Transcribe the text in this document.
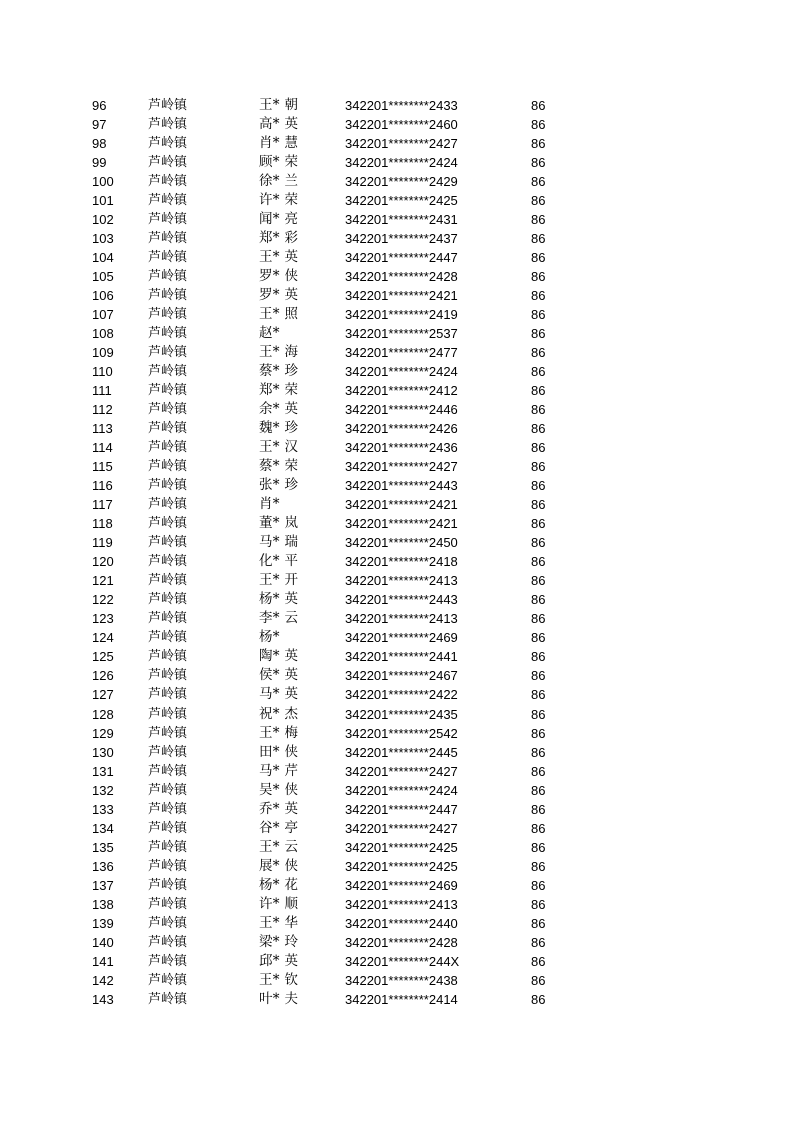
96	芦岭镇	王* 朝	342201********2433	86
97	芦岭镇	高* 英	342201********2460	86
98	芦岭镇	肖* 慧	342201********2427	86
99	芦岭镇	顾* 荣	342201********2424	86
100	芦岭镇	徐* 兰	342201********2429	86
101	芦岭镇	许* 荣	342201********2425	86
102	芦岭镇	闻* 亮	342201********2431	86
103	芦岭镇	郑* 彩	342201********2437	86
104	芦岭镇	王* 英	342201********2447	86
105	芦岭镇	罗* 侠	342201********2428	86
106	芦岭镇	罗* 英	342201********2421	86
107	芦岭镇	王* 照	342201********2419	86
108	芦岭镇	赵*	342201********2537	86
109	芦岭镇	王* 海	342201********2477	86
110	芦岭镇	蔡* 珍	342201********2424	86
111	芦岭镇	郑* 荣	342201********2412	86
112	芦岭镇	余* 英	342201********2446	86
113	芦岭镇	魏* 珍	342201********2426	86
114	芦岭镇	王* 汉	342201********2436	86
115	芦岭镇	蔡* 荣	342201********2427	86
116	芦岭镇	张* 珍	342201********2443	86
117	芦岭镇	肖*	342201********2421	86
118	芦岭镇	董* 岚	342201********2421	86
119	芦岭镇	马* 瑞	342201********2450	86
120	芦岭镇	化* 平	342201********2418	86
121	芦岭镇	王* 开	342201********2413	86
122	芦岭镇	杨* 英	342201********2443	86
123	芦岭镇	李* 云	342201********2413	86
124	芦岭镇	杨*	342201********2469	86
125	芦岭镇	陶* 英	342201********2441	86
126	芦岭镇	侯* 英	342201********2467	86
127	芦岭镇	马* 英	342201********2422	86
128	芦岭镇	祝* 杰	342201********2435	86
129	芦岭镇	王* 梅	342201********2542	86
130	芦岭镇	田* 侠	342201********2445	86
131	芦岭镇	马* 芹	342201********2427	86
132	芦岭镇	吴* 侠	342201********2424	86
133	芦岭镇	乔* 英	342201********2447	86
134	芦岭镇	谷* 亭	342201********2427	86
135	芦岭镇	王* 云	342201********2425	86
136	芦岭镇	展* 侠	342201********2425	86
137	芦岭镇	杨* 花	342201********2469	86
138	芦岭镇	许* 顺	342201********2413	86
139	芦岭镇	王* 华	342201********2440	86
140	芦岭镇	梁* 玲	342201********2428	86
141	芦岭镇	邱* 英	342201********244X	86
142	芦岭镇	王* 钦	342201********2438	86
143	芦岭镇	叶* 夫	342201********2414	86
